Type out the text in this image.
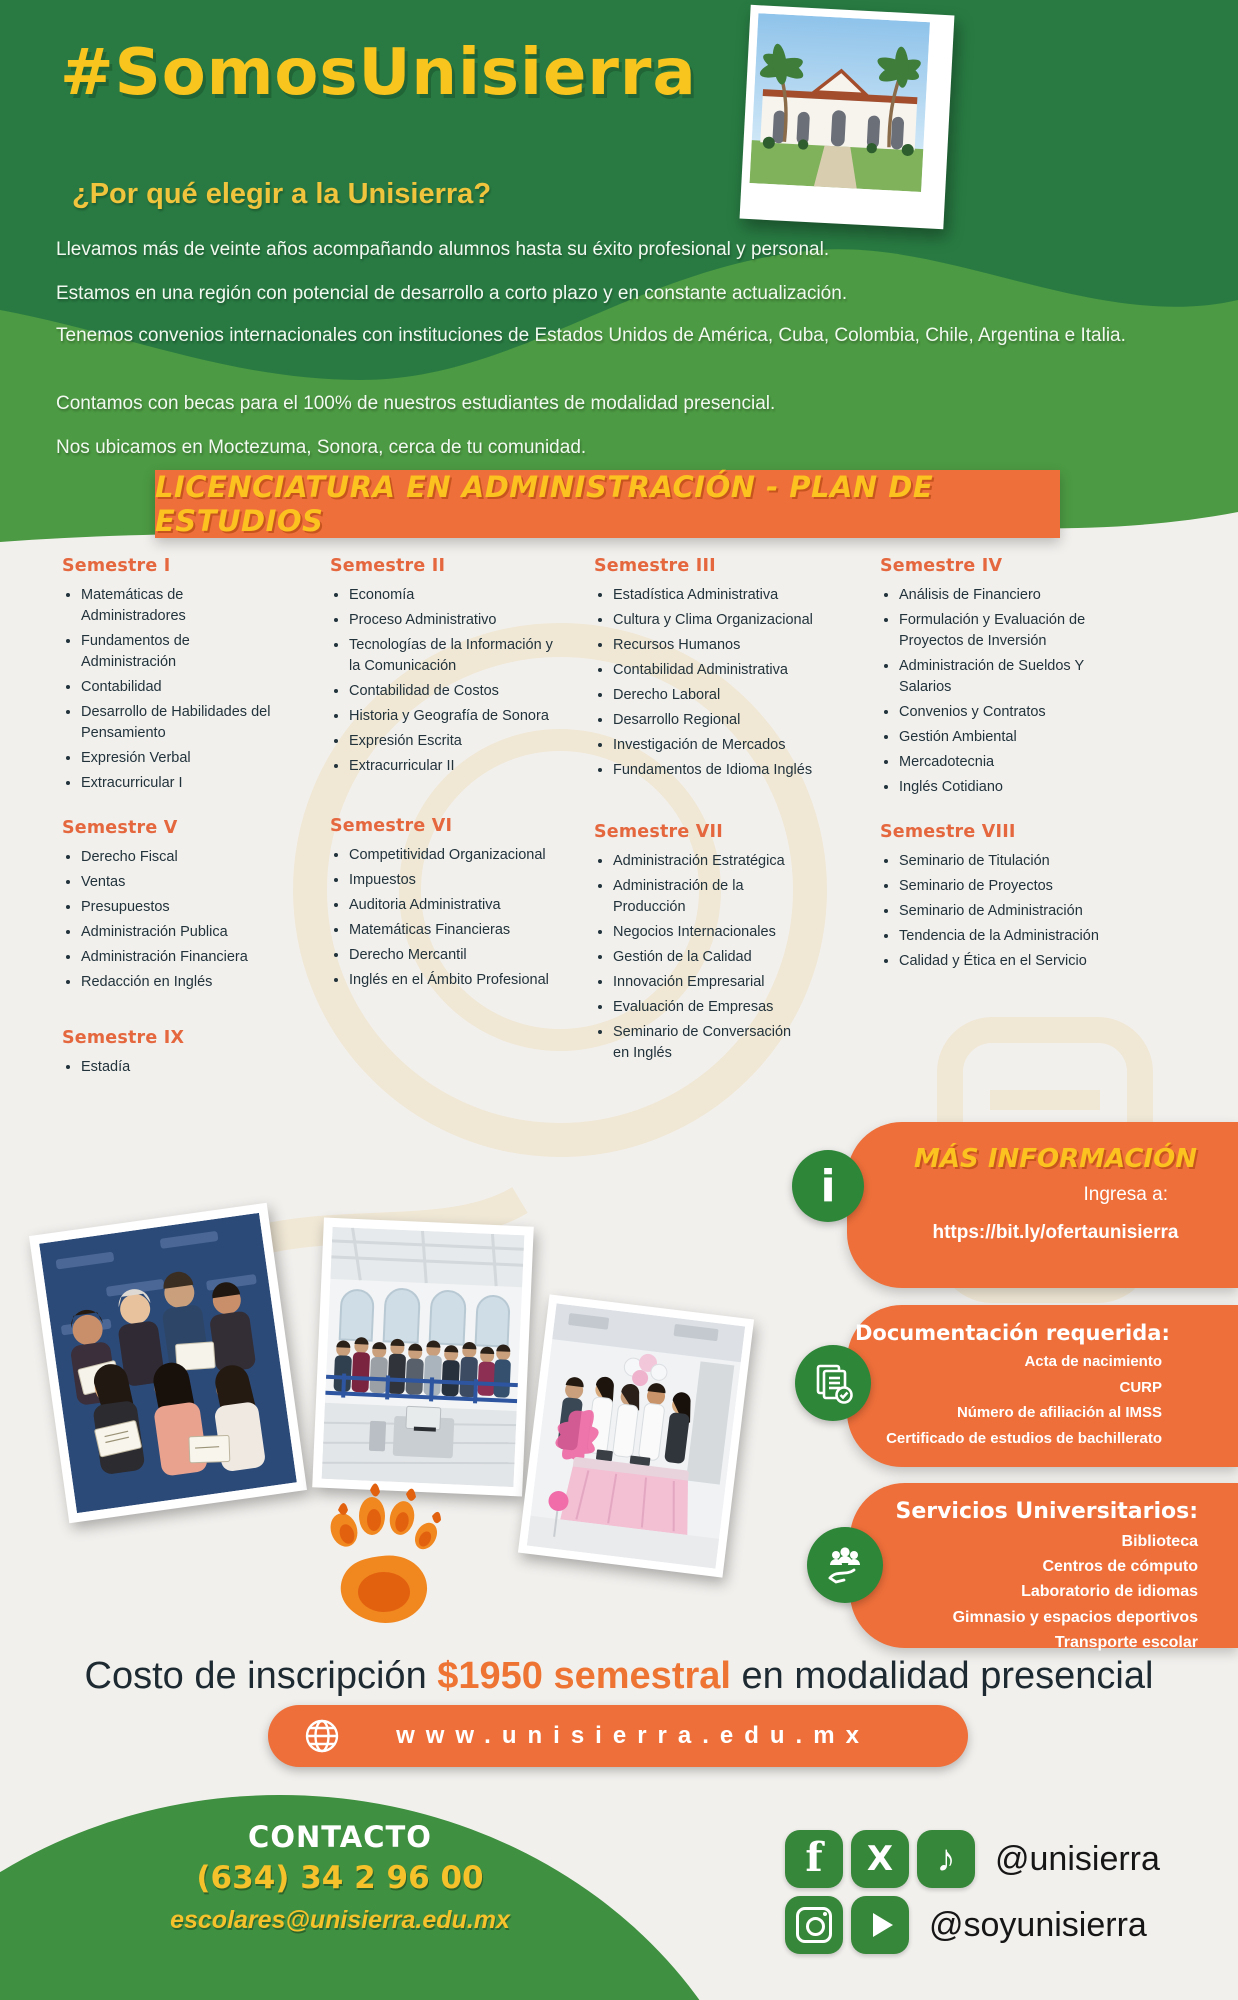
#SomosUnisierra
¿Por qué elegir a la Unisierra?
Llevamos más de veinte años acompañando alumnos hasta su éxito profesional y personal.
Estamos en una región con potencial de desarrollo a corto plazo y en constante actualización.
Tenemos convenios internacionales con instituciones de Estados Unidos de América, Cuba, Colombia, Chile, Argentina e Italia.
Contamos con becas para el 100% de nuestros estudiantes de modalidad presencial.
Nos ubicamos en Moctezuma, Sonora, cerca de tu comunidad.
LICENCIATURA EN ADMINISTRACIÓN - PLAN DE ESTUDIOS
Semestre I
• Matemáticas de Administradores
• Fundamentos de Administración
• Contabilidad
• Desarrollo de Habilidades del Pensamiento
• Expresión Verbal
• Extracurricular I
Semestre II
• Economía
• Proceso Administrativo
• Tecnologías de la Información y la Comunicación
• Contabilidad de Costos
• Historia y Geografía de Sonora
• Expresión Escrita
• Extracurricular II
Semestre III
• Estadística Administrativa
• Cultura y Clima Organizacional
• Recursos Humanos
• Contabilidad Administrativa
• Derecho Laboral
• Desarrollo Regional
• Investigación de Mercados
• Fundamentos de Idioma Inglés
Semestre IV
• Análisis de Financiero
• Formulación y Evaluación de Proyectos de Inversión
• Administración de Sueldos Y Salarios
• Convenios y Contratos
• Gestión Ambiental
• Mercadotecnia
• Inglés Cotidiano
Semestre V
• Derecho Fiscal
• Ventas
• Presupuestos
• Administración Publica
• Administración Financiera
• Redacción en Inglés
Semestre VI
• Competitividad Organizacional
• Impuestos
• Auditoria Administrativa
• Matemáticas Financieras
• Derecho Mercantil
• Inglés en el Ámbito Profesional
Semestre VII
• Administración Estratégica
• Administración de la Producción
• Negocios Internacionales
• Gestión de la Calidad
• Innovación Empresarial
• Evaluación de Empresas
• Seminario de Conversación en Inglés
Semestre VIII
• Seminario de Titulación
• Seminario de Proyectos
• Seminario de Administración
• Tendencia de la Administración
• Calidad y Ética en el Servicio
Semestre IX
• Estadía
MÁS INFORMACIÓN
Ingresa a:
https://bit.ly/ofertaunisierra
i
Documentación requerida:
Acta de nacimiento
CURP
Número de afiliación al IMSS
Certificado de estudios de bachillerato
Servicios Universitarios:
Biblioteca
Centros de cómputo
Laboratorio de idiomas
Gimnasio y espacios deportivos
Transporte escolar
Costo de inscripción $1950 semestral en modalidad presencial
www.unisierra.edu.mx
CONTACTO
(634) 34 2 96 00
escolares@unisierra.edu.mx
f X ♪ @unisierra
@soyunisierra
